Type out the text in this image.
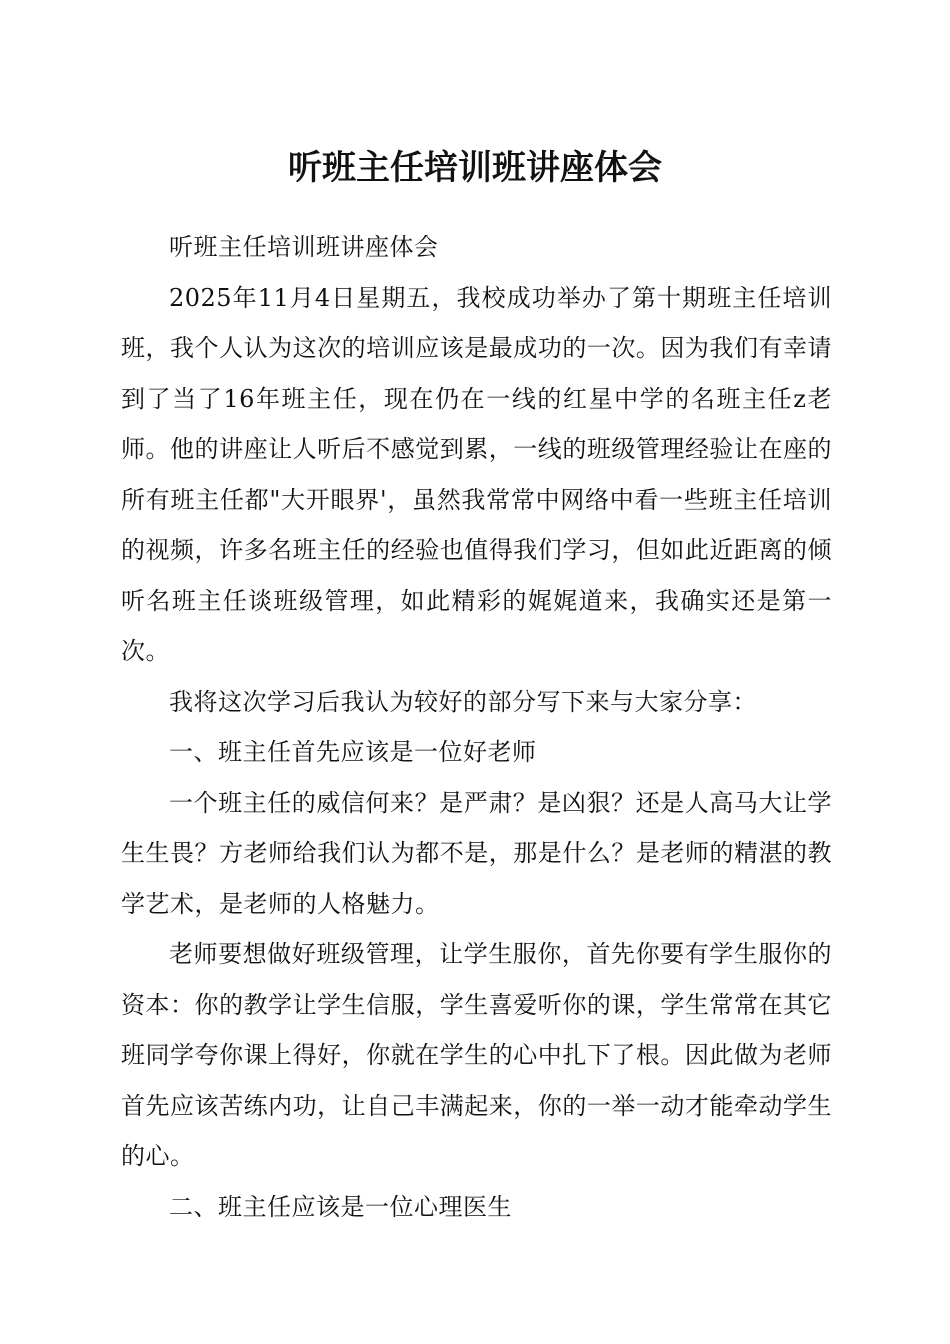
听班主任培训班讲座体会

听班主任培训班讲座体会

2025年11月4日星期五，我校成功举办了第十期班主任培训班，我个人认为这次的培训应该是最成功的一次。因为我们有幸请到了当了16年班主任，现在仍在一线的红星中学的名班主任z老师。他的讲座让人听后不感觉到累，一线的班级管理经验让在座的所有班主任都"大开眼界'，虽然我常常中网络中看一些班主任培训的视频，许多名班主任的经验也值得我们学习，但如此近距离的倾听名班主任谈班级管理，如此精彩的娓娓道来，我确实还是第一次。

我将这次学习后我认为较好的部分写下来与大家分享：

一、班主任首先应该是一位好老师

一个班主任的威信何来？是严肃？是凶狠？还是人高马大让学生生畏？方老师给我们认为都不是，那是什么？是老师的精湛的教学艺术，是老师的人格魅力。

老师要想做好班级管理，让学生服你，首先你要有学生服你的资本：你的教学让学生信服，学生喜爱听你的课，学生常常在其它班同学夸你课上得好，你就在学生的心中扎下了根。因此做为老师首先应该苦练内功，让自己丰满起来，你的一举一动才能牵动学生的心。

二、班主任应该是一位心理医生
